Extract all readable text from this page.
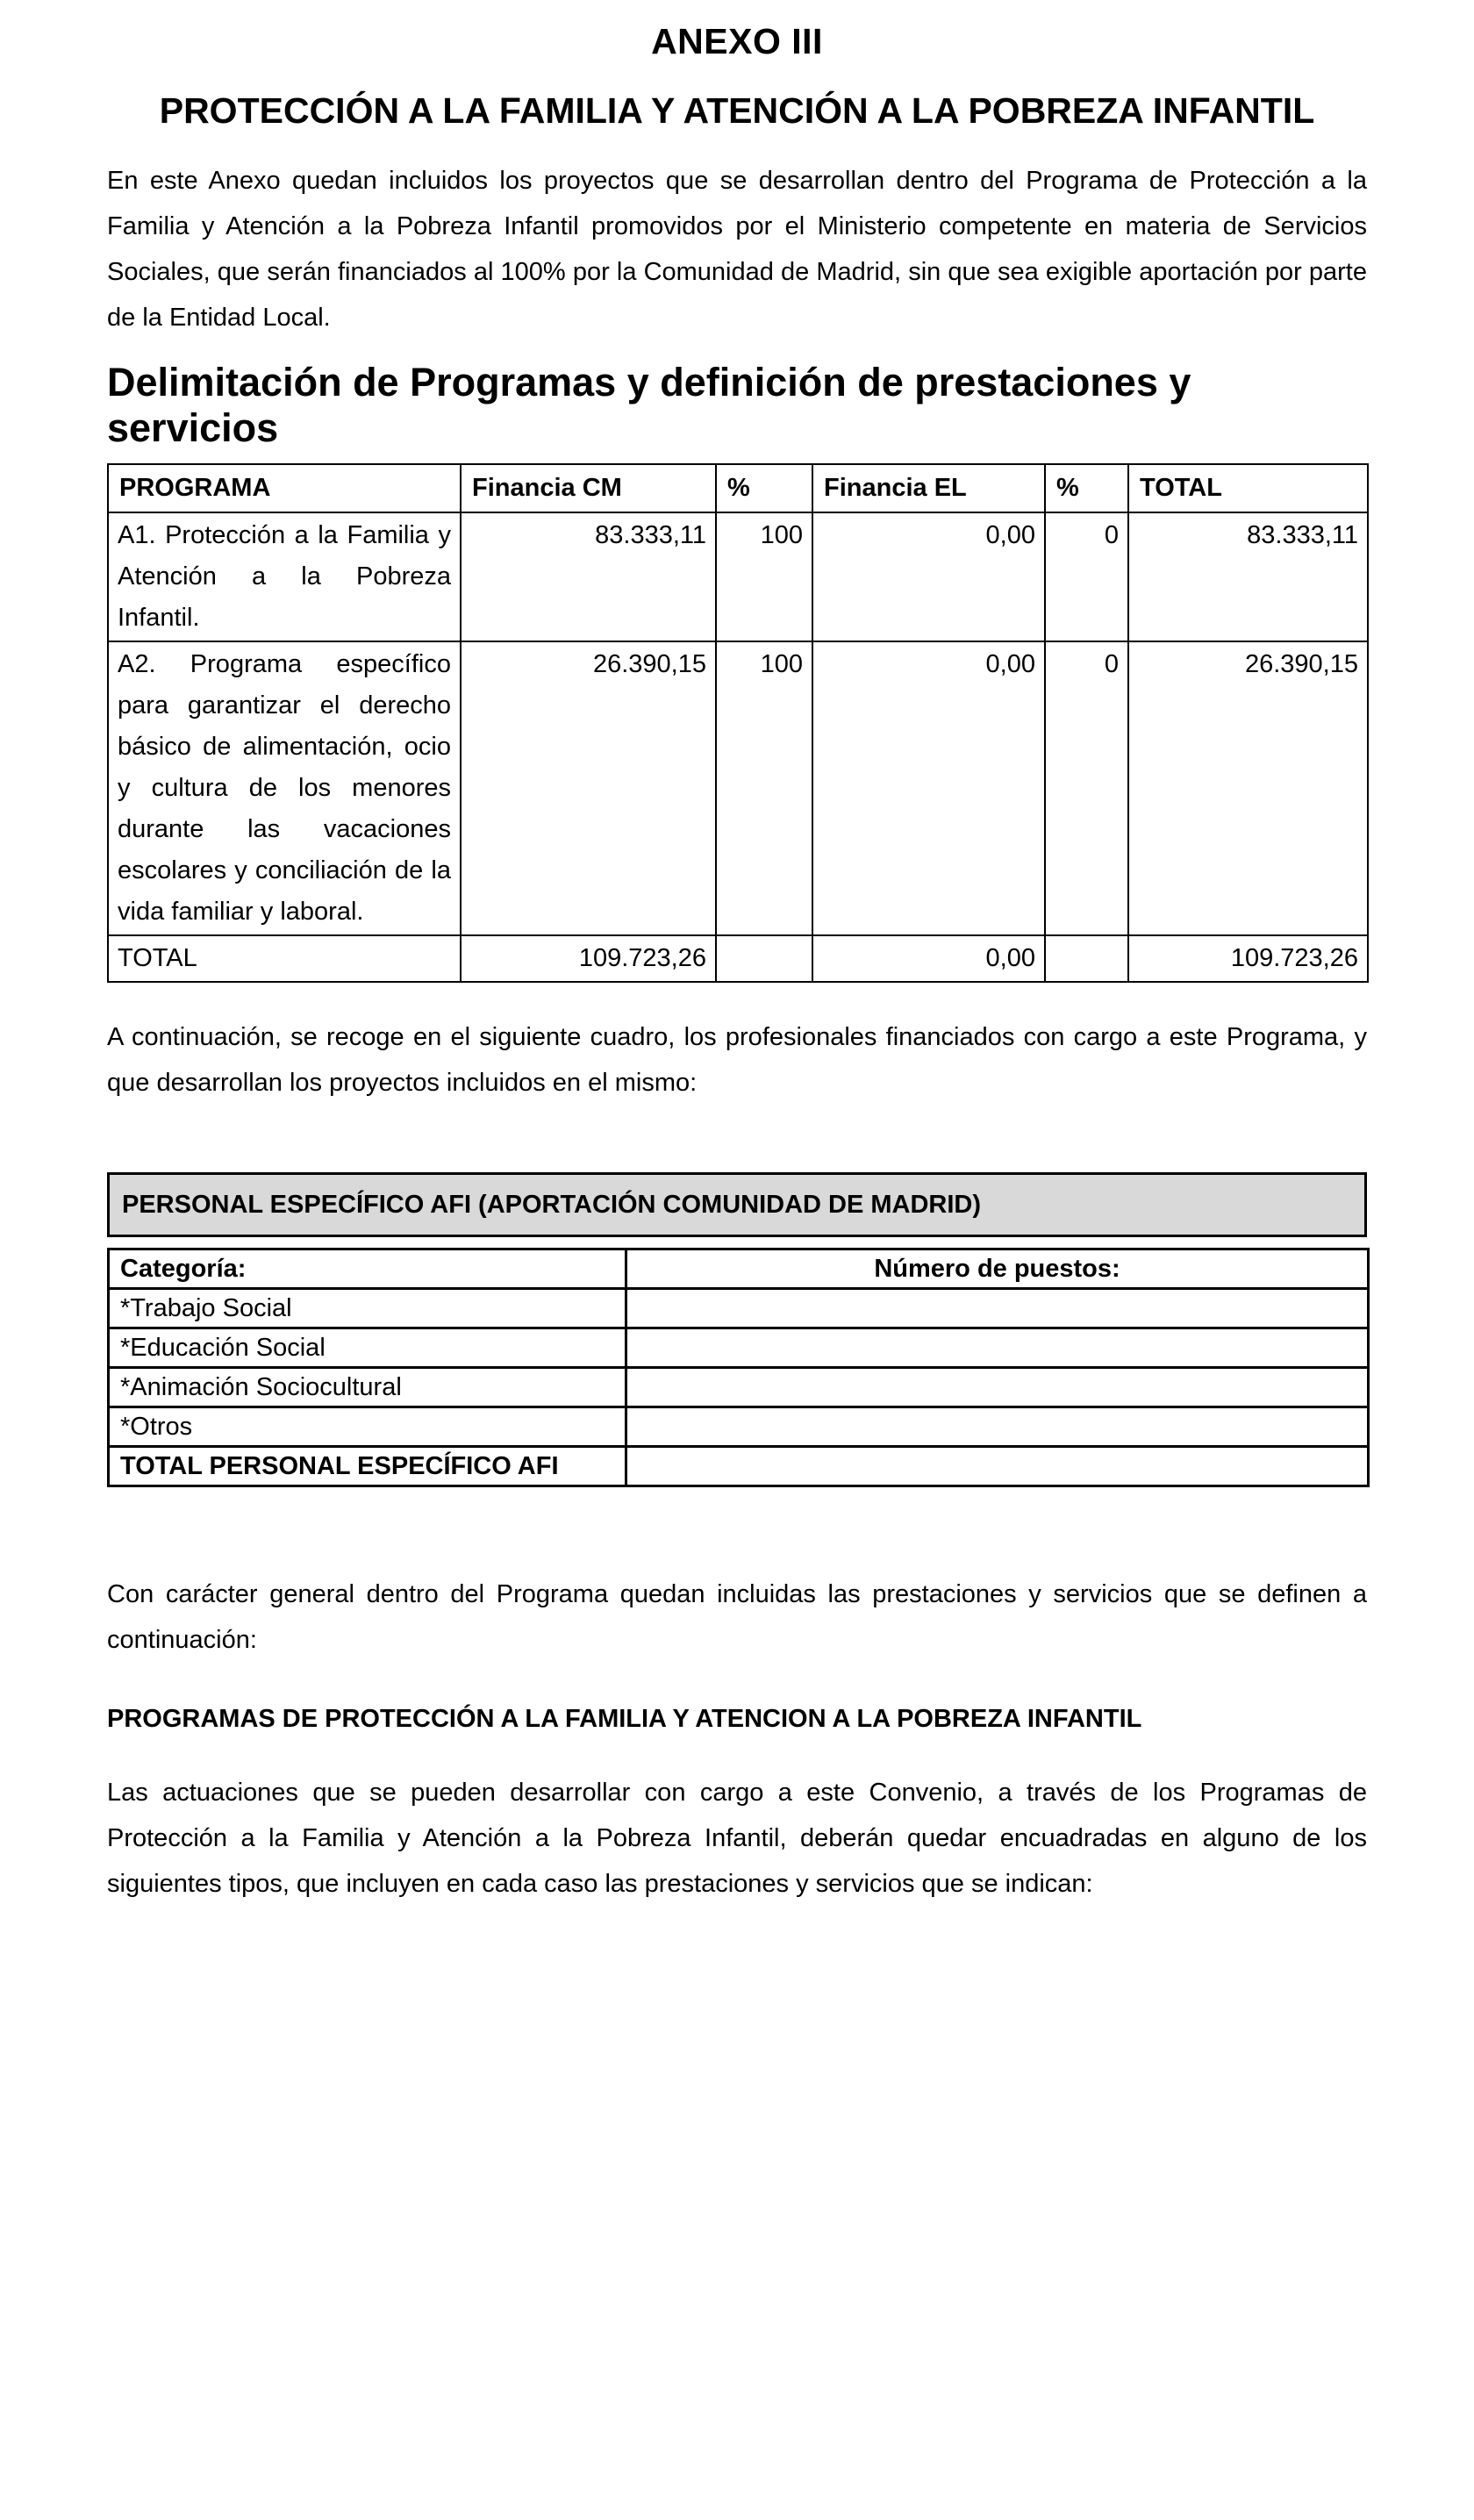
ANEXO III
PROTECCIÓN A LA FAMILIA Y ATENCIÓN A LA POBREZA INFANTIL

En este Anexo quedan incluidos los proyectos que se desarrollan dentro del Programa de Protección a la Familia y Atención a la Pobreza Infantil promovidos por el Ministerio competente en materia de Servicios Sociales, que serán financiados al 100% por la Comunidad de Madrid, sin que sea exigible aportación por parte de la Entidad Local.

Delimitación de Programas y definición de prestaciones y servicios
PROGRAMA	Financia CM	%	Financia EL	%	TOTAL
A1. Protección a la Familia y Atención a la Pobreza Infantil.	83.333,11	100	0,00	0	83.333,11
A2. Programa específico para garantizar el derecho básico de alimentación, ocio y cultura de los menores durante las vacaciones escolares y conciliación de la vida familiar y laboral.	26.390,15	100	0,00	0	26.390,15
TOTAL	109.723,26		0,00		109.723,26

A continuación, se recoge en el siguiente cuadro, los profesionales financiados con cargo a este Programa, y que desarrollan los proyectos incluidos en el mismo:

PERSONAL ESPECÍFICO AFI (APORTACIÓN COMUNIDAD DE MADRID)
Categoría:	Número de puestos:
*Trabajo Social	
*Educación Social	
*Animación Sociocultural	
*Otros	
TOTAL PERSONAL ESPECÍFICO AFI	

Con carácter general dentro del Programa quedan incluidas las prestaciones y servicios que se definen a continuación:

PROGRAMAS DE PROTECCIÓN A LA FAMILIA Y ATENCION A LA POBREZA INFANTIL

Las actuaciones que se pueden desarrollar con cargo a este Convenio, a través de los Programas de Protección a la Familia y Atención a la Pobreza Infantil, deberán quedar encuadradas en alguno de los siguientes tipos, que incluyen en cada caso las prestaciones y servicios que se indican:
